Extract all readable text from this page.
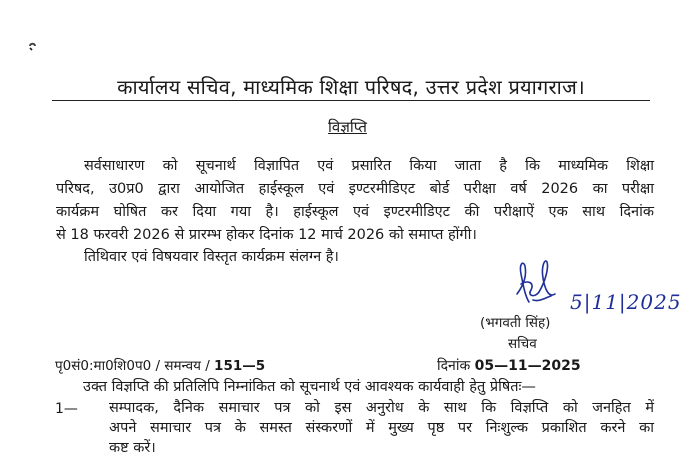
कार्यालय सचिव, माध्यमिक शिक्षा परिषद, उत्तर प्रदेश प्रयागराज।
विज्ञप्ति
सर्वसाधारण को सूचनार्थ विज्ञापित एवं प्रसारित किया जाता है कि माध्यमिक शिक्षा
परिषद, उ0प्र0 द्वारा आयोजित हाईस्कूल एवं इण्टरमीडिएट बोर्ड परीक्षा वर्ष 2026 का परीक्षा
कार्यक्रम घोषित कर दिया गया है। हाईस्कूल एवं इण्टरमीडिएट की परीक्षाऐं एक साथ दिनांक
से 18 फरवरी 2026 से प्रारम्भ होकर दिनांक 12 मार्च 2026 को समाप्त होंगी।
तिथिवार एवं विषयवार विस्तृत कार्यक्रम संलग्न है।
5|11|2025
(भगवती सिंह)
सचिव
पृ0सं0:मा0शि0प0 / समन्वय / 151—5	दिनांक 05—11—2025
उक्त विज्ञप्ति की प्रतिलिपि निम्नांकित को सूचनार्थ एवं आवश्यक कार्यवाही हेतु प्रेषितः—
1— सम्पादक, दैनिक समाचार पत्र को इस अनुरोध के साथ कि विज्ञप्ति को जनहित में
अपने समाचार पत्र के समस्त संस्करणों में मुख्य पृष्ठ पर निःशुल्क प्रकाशित करने का
कष्ट करें।
